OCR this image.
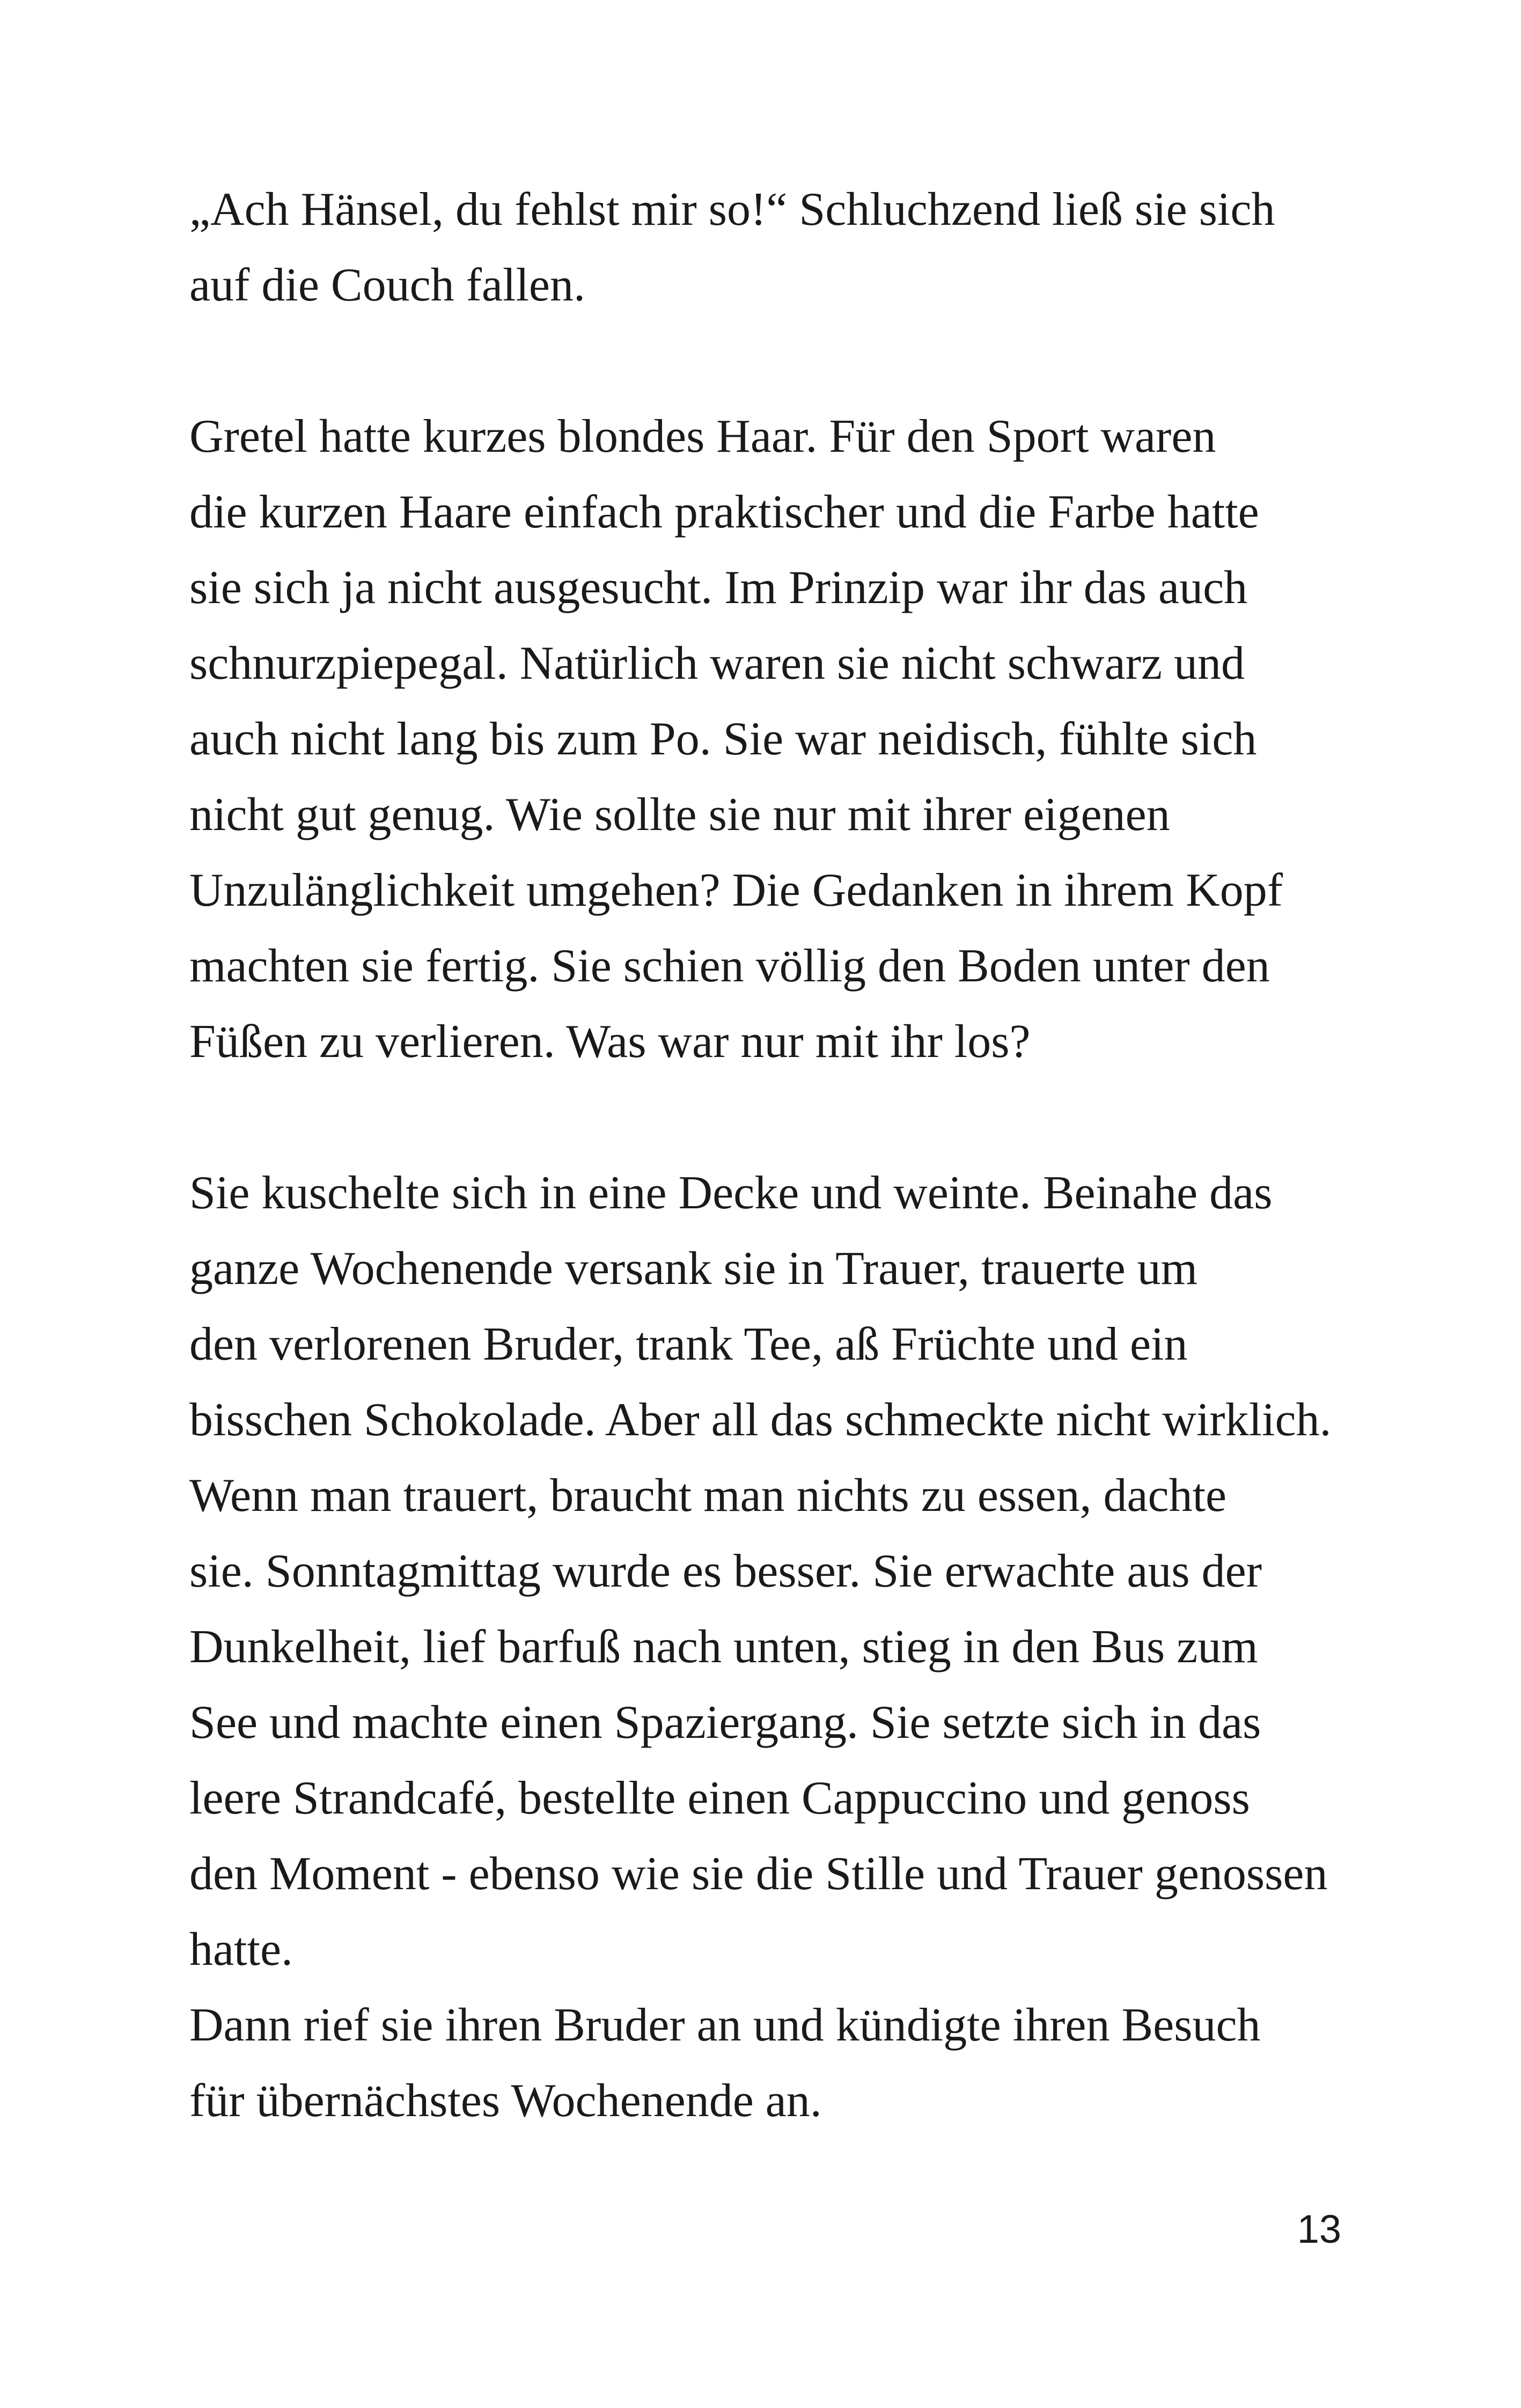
„Ach Hänsel, du fehlst mir so!“ Schluchzend ließ sie sich
auf die Couch fallen.
Gretel hatte kurzes blondes Haar. Für den Sport waren
die kurzen Haare einfach praktischer und die Farbe hatte
sie sich ja nicht ausgesucht. Im Prinzip war ihr das auch
schnurzpiepegal. Natürlich waren sie nicht schwarz und
auch nicht lang bis zum Po. Sie war neidisch, fühlte sich
nicht gut genug. Wie sollte sie nur mit ihrer eigenen
Unzulänglichkeit umgehen? Die Gedanken in ihrem Kopf
machten sie fertig. Sie schien völlig den Boden unter den
Füßen zu verlieren. Was war nur mit ihr los?
Sie kuschelte sich in eine Decke und weinte. Beinahe das
ganze Wochenende versank sie in Trauer, trauerte um
den verlorenen Bruder, trank Tee, aß Früchte und ein
bisschen Schokolade. Aber all das schmeckte nicht wirklich.
Wenn man trauert, braucht man nichts zu essen, dachte
sie. Sonntagmittag wurde es besser. Sie erwachte aus der
Dunkelheit, lief barfuß nach unten, stieg in den Bus zum
See und machte einen Spaziergang. Sie setzte sich in das
leere Strandcafé, bestellte einen Cappuccino und genoss
den Moment - ebenso wie sie die Stille und Trauer genossen
hatte.
Dann rief sie ihren Bruder an und kündigte ihren Besuch
für übernächstes Wochenende an.
13
